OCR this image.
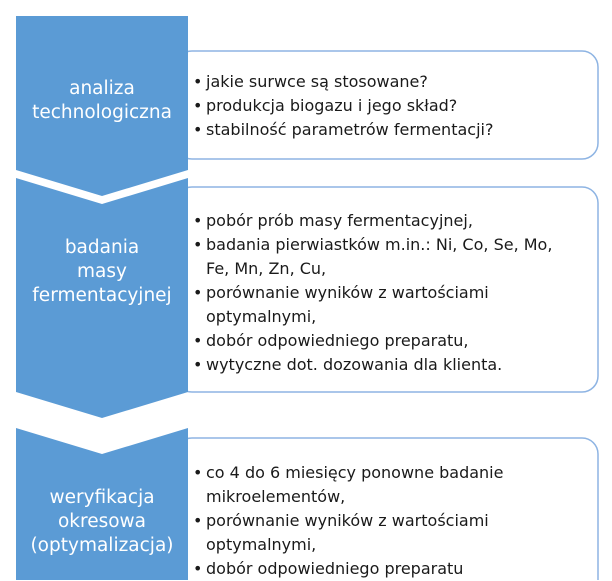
analiza
technologiczna
• jakie surwce są stosowane?
• produkcja biogazu i jego skład?
• stabilność parametrów fermentacji?
badania
masy
fermentacyjnej
• pobór prób masy fermentacyjnej,
• badania pierwiastków m.in.: Ni, Co, Se, Mo,
Fe, Mn, Zn, Cu,
• porównanie wyników z wartościami
optymalnymi,
• dobór odpowiedniego preparatu,
• wytyczne dot. dozowania dla klienta.
weryfikacja
okresowa
(optymalizacja)
• co 4 do 6 miesięcy ponowne badanie
mikroelementów,
• porównanie wyników z wartościami
optymalnymi,
• dobór odpowiedniego preparatu
